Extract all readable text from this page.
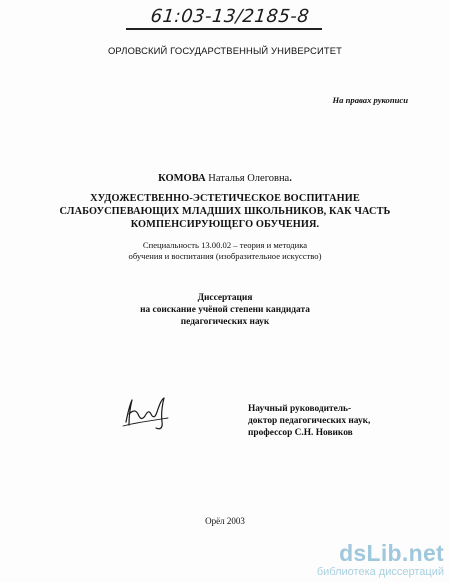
61:03-13/2185-8
ОРЛОВСКИЙ ГОСУДАРСТВЕННЫЙ УНИВЕРСИТЕТ
На правах рукописи
КОМОВА Наталья Олеговна.
ХУДОЖЕСТВЕННО-ЭСТЕТИЧЕСКОЕ ВОСПИТАНИЕ
СЛАБОУСПЕВАЮЩИХ МЛАДШИХ ШКОЛЬНИКОВ, КАК ЧАСТЬ
КОМПЕНСИРУЮЩЕГО ОБУЧЕНИЯ.
Специальность 13.00.02 – теория и методика
обучения и воспитания (изобразительное искусство)
Диссертация
на соискание учёной степени кандидата
педагогических наук
Научный руководитель-
доктор педагогических наук,
профессор С.Н. Новиков
Орёл 2003
dsLib.net
библиотека диссертаций
